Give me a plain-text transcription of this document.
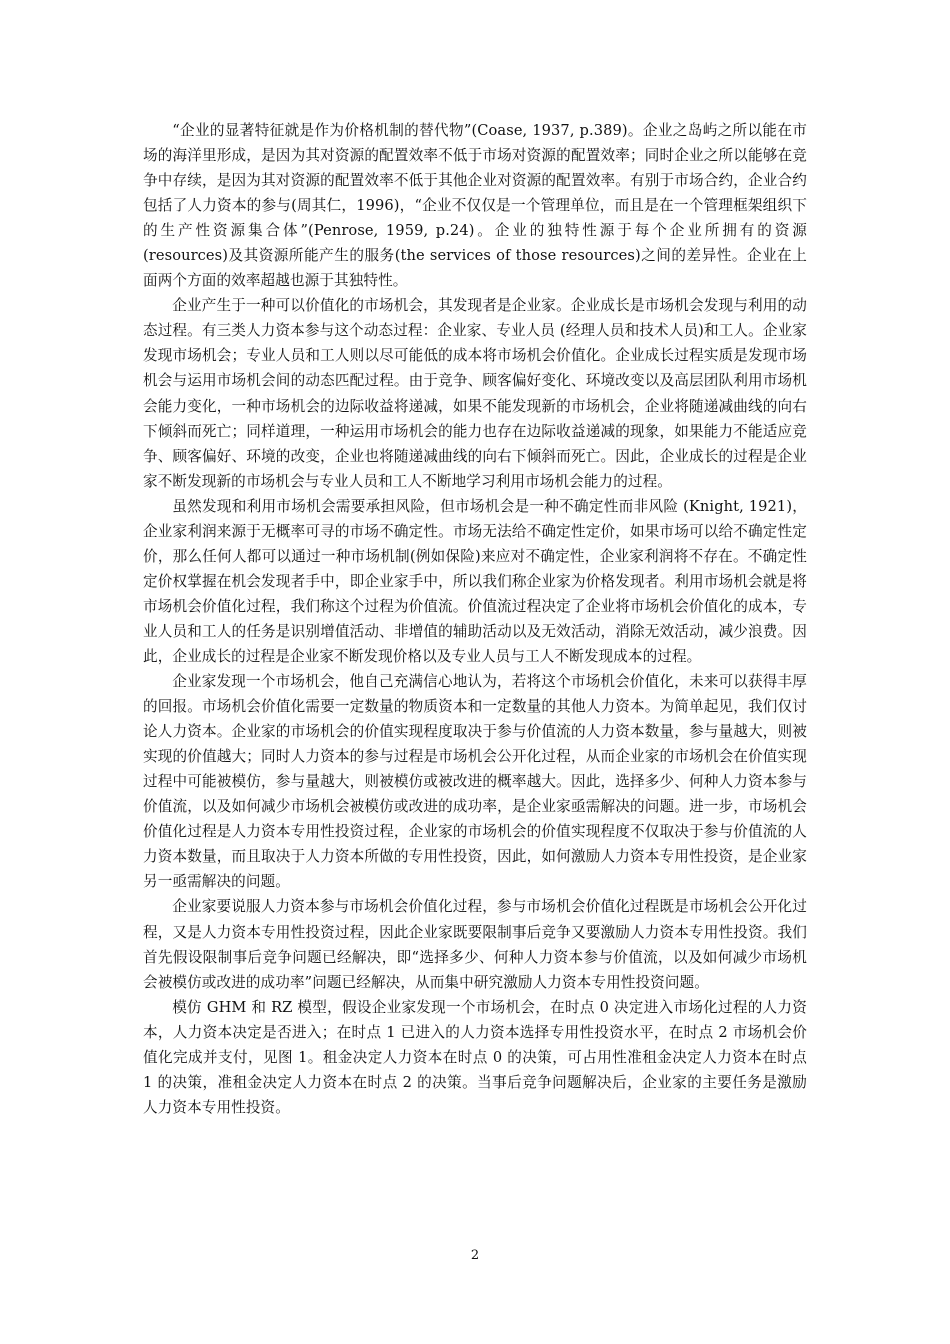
“企业的显著特征就是作为价格机制的替代物”(Coase, 1937, p.389)。企业之岛屿之所以能在市场的海洋里形成，是因为其对资源的配置效率不低于市场对资源的配置效率；同时企业之所以能够在竞争中存续，是因为其对资源的配置效率不低于其他企业对资源的配置效率。有别于市场合约，企业合约包括了人力资本的参与(周其仁，1996)，“企业不仅仅是一个管理单位，而且是在一个管理框架组织下的生产性资源集合体”(Penrose, 1959, p.24)。企业的独特性源于每个企业所拥有的资源(resources)及其资源所能产生的服务(the services of those resources)之间的差异性。企业在上面两个方面的效率超越也源于其独特性。

企业产生于一种可以价值化的市场机会，其发现者是企业家。企业成长是市场机会发现与利用的动态过程。有三类人力资本参与这个动态过程：企业家、专业人员 (经理人员和技术人员)和工人。企业家发现市场机会；专业人员和工人则以尽可能低的成本将市场机会价值化。企业成长过程实质是发现市场机会与运用市场机会间的动态匹配过程。由于竞争、顾客偏好变化、环境改变以及高层团队利用市场机会能力变化，一种市场机会的边际收益将递减，如果不能发现新的市场机会，企业将随递减曲线的向右下倾斜而死亡；同样道理，一种运用市场机会的能力也存在边际收益递减的现象，如果能力不能适应竞争、顾客偏好、环境的改变，企业也将随递减曲线的向右下倾斜而死亡。因此，企业成长的过程是企业家不断发现新的市场机会与专业人员和工人不断地学习利用市场机会能力的过程。

虽然发现和利用市场机会需要承担风险，但市场机会是一种不确定性而非风险 (Knight, 1921)，企业家利润来源于无概率可寻的市场不确定性。市场无法给不确定性定价，如果市场可以给不确定性定价，那么任何人都可以通过一种市场机制(例如保险)来应对不确定性，企业家利润将不存在。不确定性定价权掌握在机会发现者手中，即企业家手中，所以我们称企业家为价格发现者。利用市场机会就是将市场机会价值化过程，我们称这个过程为价值流。价值流过程决定了企业将市场机会价值化的成本，专业人员和工人的任务是识别增值活动、非增值的辅助活动以及无效活动，消除无效活动，减少浪费。因此，企业成长的过程是企业家不断发现价格以及专业人员与工人不断发现成本的过程。

企业家发现一个市场机会，他自己充满信心地认为，若将这个市场机会价值化，未来可以获得丰厚的回报。市场机会价值化需要一定数量的物质资本和一定数量的其他人力资本。为简单起见，我们仅讨论人力资本。企业家的市场机会的价值实现程度取决于参与价值流的人力资本数量，参与量越大，则被实现的价值越大；同时人力资本的参与过程是市场机会公开化过程，从而企业家的市场机会在价值实现过程中可能被模仿，参与量越大，则被模仿或被改进的概率越大。因此，选择多少、何种人力资本参与价值流，以及如何减少市场机会被模仿或改进的成功率，是企业家亟需解决的问题。进一步，市场机会价值化过程是人力资本专用性投资过程，企业家的市场机会的价值实现程度不仅取决于参与价值流的人力资本数量，而且取决于人力资本所做的专用性投资，因此，如何激励人力资本专用性投资，是企业家另一亟需解决的问题。

企业家要说服人力资本参与市场机会价值化过程，参与市场机会价值化过程既是市场机会公开化过程，又是人力资本专用性投资过程，因此企业家既要限制事后竞争又要激励人力资本专用性投资。我们首先假设限制事后竞争问题已经解决，即“选择多少、何种人力资本参与价值流，以及如何减少市场机会被模仿或改进的成功率”问题已经解决，从而集中研究激励人力资本专用性投资问题。

模仿 GHM 和 RZ 模型，假设企业家发现一个市场机会，在时点 0 决定进入市场化过程的人力资本，人力资本决定是否进入；在时点 1 已进入的人力资本选择专用性投资水平，在时点 2 市场机会价值化完成并支付，见图 1。租金决定人力资本在时点 0 的决策，可占用性准租金决定人力资本在时点 1 的决策，准租金决定人力资本在时点 2 的决策。当事后竞争问题解决后，企业家的主要任务是激励人力资本专用性投资。

2
